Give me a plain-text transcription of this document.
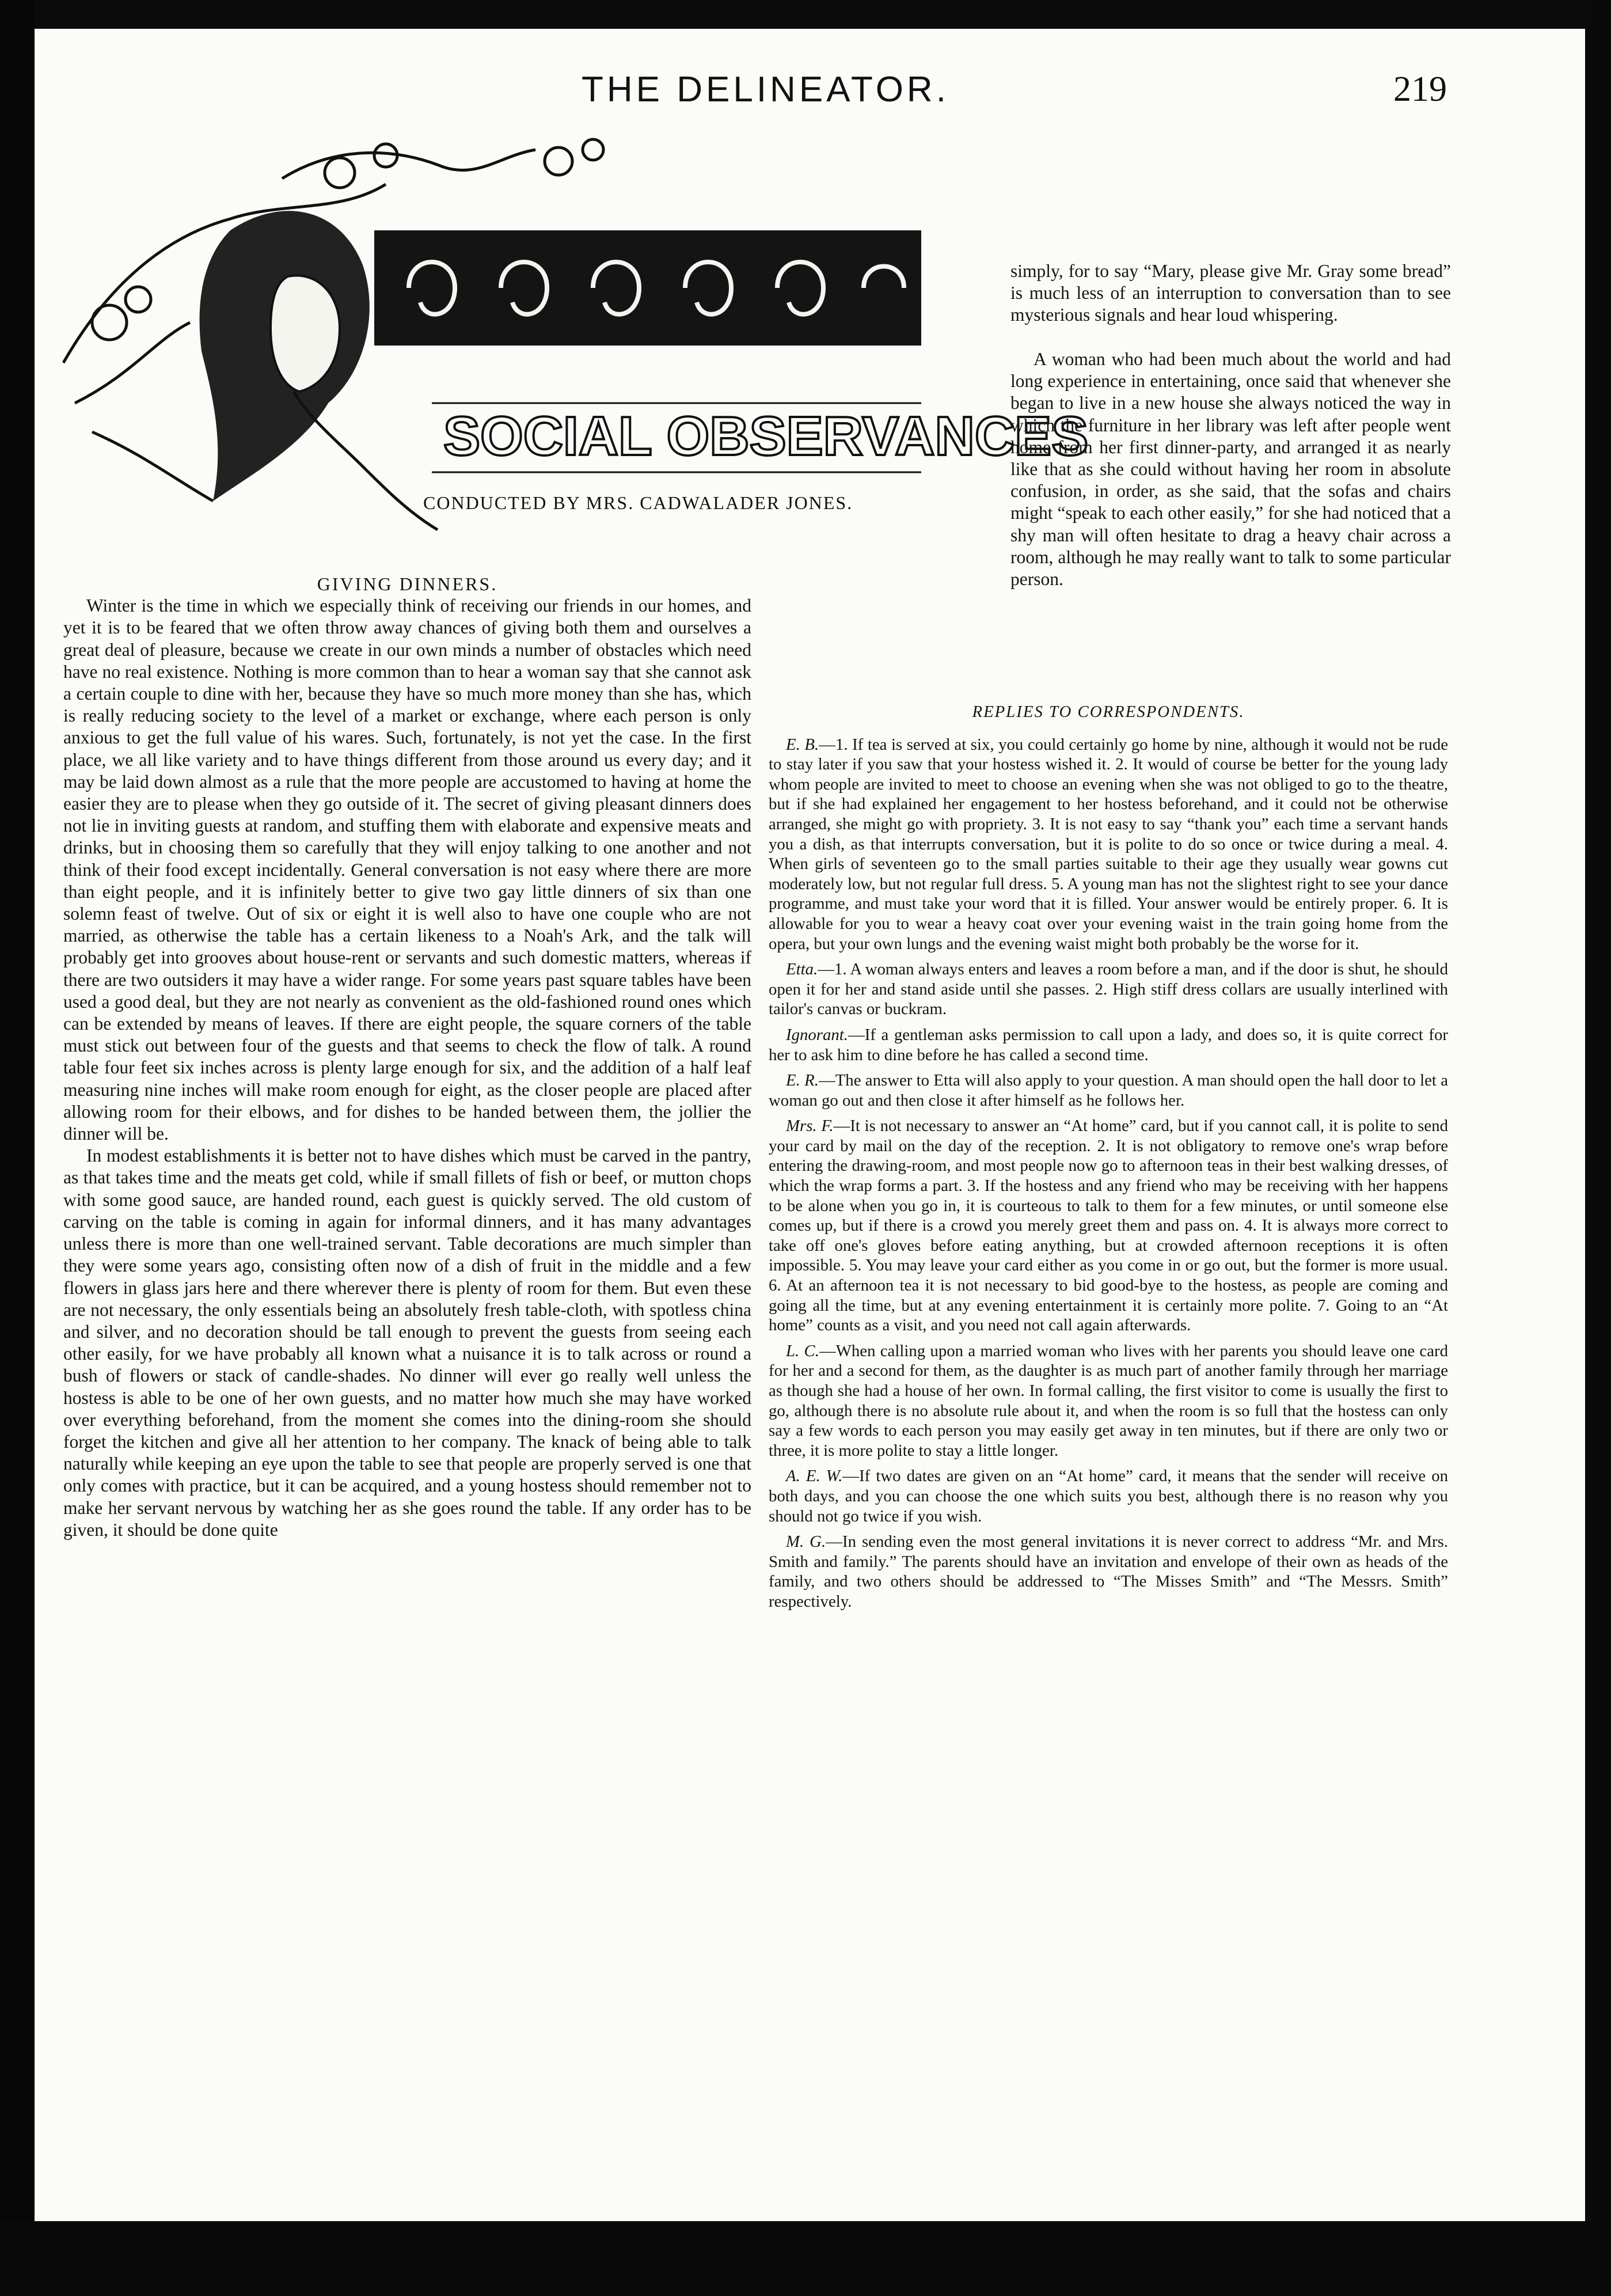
THE DELINEATOR.	219
SOCIAL OBSERVANCES
CONDUCTED BY MRS. CADWALADER JONES.

simply, for to say “Mary, please give Mr. Gray some bread” is much less of an interruption to conversation than to see mysterious signals and hear loud whispering.

A woman who had been much about the world and had long experience in entertaining, once said that whenever she began to live in a new house she always noticed the way in which the furniture in her library was left after people went home from her first dinner-party, and arranged it as nearly like that as she could without having her room in absolute confusion, in order, as she said, that the sofas and chairs might “speak to each other easily,” for she had noticed that a shy man will often hesitate to drag a heavy chair across a room, although he may really want to talk to some particular person.

GIVING DINNERS.

Winter is the time in which we especially think of receiving our friends in our homes, and yet it is to be feared that we often throw away chances of giving both them and ourselves a great deal of pleasure, because we create in our own minds a number of obstacles which need have no real existence. Nothing is more common than to hear a woman say that she cannot ask a certain couple to dine with her, because they have so much more money than she has, which is really reducing society to the level of a market or exchange, where each person is only anxious to get the full value of his wares. Such, fortunately, is not yet the case. In the first place, we all like variety and to have things different from those around us every day; and it may be laid down almost as a rule that the more people are accustomed to having at home the easier they are to please when they go outside of it. The secret of giving pleasant dinners does not lie in inviting guests at random, and stuffing them with elaborate and expensive meats and drinks, but in choosing them so carefully that they will enjoy talking to one another and not think of their food except incidentally. General conversation is not easy where there are more than eight people, and it is infinitely better to give two gay little dinners of six than one solemn feast of twelve. Out of six or eight it is well also to have one couple who are not married, as otherwise the table has a certain likeness to a Noah's Ark, and the talk will probably get into grooves about house-rent or servants and such domestic matters, whereas if there are two outsiders it may have a wider range. For some years past square tables have been used a good deal, but they are not nearly as convenient as the old-fashioned round ones which can be extended by means of leaves. If there are eight people, the square corners of the table must stick out between four of the guests and that seems to check the flow of talk. A round table four feet six inches across is plenty large enough for six, and the addition of a half leaf measuring nine inches will make room enough for eight, as the closer people are placed after allowing room for their elbows, and for dishes to be handed between them, the jollier the dinner will be.

In modest establishments it is better not to have dishes which must be carved in the pantry, as that takes time and the meats get cold, while if small fillets of fish or beef, or mutton chops with some good sauce, are handed round, each guest is quickly served. The old custom of carving on the table is coming in again for informal dinners, and it has many advantages unless there is more than one well-trained servant. Table decorations are much simpler than they were some years ago, consisting often now of a dish of fruit in the middle and a few flowers in glass jars here and there wherever there is plenty of room for them. But even these are not necessary, the only essentials being an absolutely fresh table-cloth, with spotless china and silver, and no decoration should be tall enough to prevent the guests from seeing each other easily, for we have probably all known what a nuisance it is to talk across or round a bush of flowers or stack of candle-shades. No dinner will ever go really well unless the hostess is able to be one of her own guests, and no matter how much she may have worked over everything beforehand, from the moment she comes into the dining-room she should forget the kitchen and give all her attention to her company. The knack of being able to talk naturally while keeping an eye upon the table to see that people are properly served is one that only comes with practice, but it can be acquired, and a young hostess should remember not to make her servant nervous by watching her as she goes round the table. If any order has to be given, it should be done quite

REPLIES TO CORRESPONDENTS.

E. B.—1. If tea is served at six, you could certainly go home by nine, although it would not be rude to stay later if you saw that your hostess wished it. 2. It would of course be better for the young lady whom people are invited to meet to choose an evening when she was not obliged to go to the theatre, but if she had explained her engagement to her hostess beforehand, and it could not be otherwise arranged, she might go with propriety. 3. It is not easy to say “thank you” each time a servant hands you a dish, as that interrupts conversation, but it is polite to do so once or twice during a meal. 4. When girls of seventeen go to the small parties suitable to their age they usually wear gowns cut moderately low, but not regular full dress. 5. A young man has not the slightest right to see your dance programme, and must take your word that it is filled. Your answer would be entirely proper. 6. It is allowable for you to wear a heavy coat over your evening waist in the train going home from the opera, but your own lungs and the evening waist might both probably be the worse for it.

Etta.—1. A woman always enters and leaves a room before a man, and if the door is shut, he should open it for her and stand aside until she passes. 2. High stiff dress collars are usually interlined with tailor's canvas or buckram.

Ignorant.—If a gentleman asks permission to call upon a lady, and does so, it is quite correct for her to ask him to dine before he has called a second time.

E. R.—The answer to Etta will also apply to your question. A man should open the hall door to let a woman go out and then close it after himself as he follows her.

Mrs. F.—It is not necessary to answer an “At home” card, but if you cannot call, it is polite to send your card by mail on the day of the reception. 2. It is not obligatory to remove one's wrap before entering the drawing-room, and most people now go to afternoon teas in their best walking dresses, of which the wrap forms a part. 3. If the hostess and any friend who may be receiving with her happens to be alone when you go in, it is courteous to talk to them for a few minutes, or until someone else comes up, but if there is a crowd you merely greet them and pass on. 4. It is always more correct to take off one's gloves before eating anything, but at crowded afternoon receptions it is often impossible. 5. You may leave your card either as you come in or go out, but the former is more usual. 6. At an afternoon tea it is not necessary to bid good-bye to the hostess, as people are coming and going all the time, but at any evening entertainment it is certainly more polite. 7. Going to an “At home” counts as a visit, and you need not call again afterwards.

L. C.—When calling upon a married woman who lives with her parents you should leave one card for her and a second for them, as the daughter is as much part of another family through her marriage as though she had a house of her own. In formal calling, the first visitor to come is usually the first to go, although there is no absolute rule about it, and when the room is so full that the hostess can only say a few words to each person you may easily get away in ten minutes, but if there are only two or three, it is more polite to stay a little longer.

A. E. W.—If two dates are given on an “At home” card, it means that the sender will receive on both days, and you can choose the one which suits you best, although there is no reason why you should not go twice if you wish.

M. G.—In sending even the most general invitations it is never correct to address “Mr. and Mrs. Smith and family.” The parents should have an invitation and envelope of their own as heads of the family, and two others should be addressed to “The Misses Smith” and “The Messrs. Smith” respectively.
